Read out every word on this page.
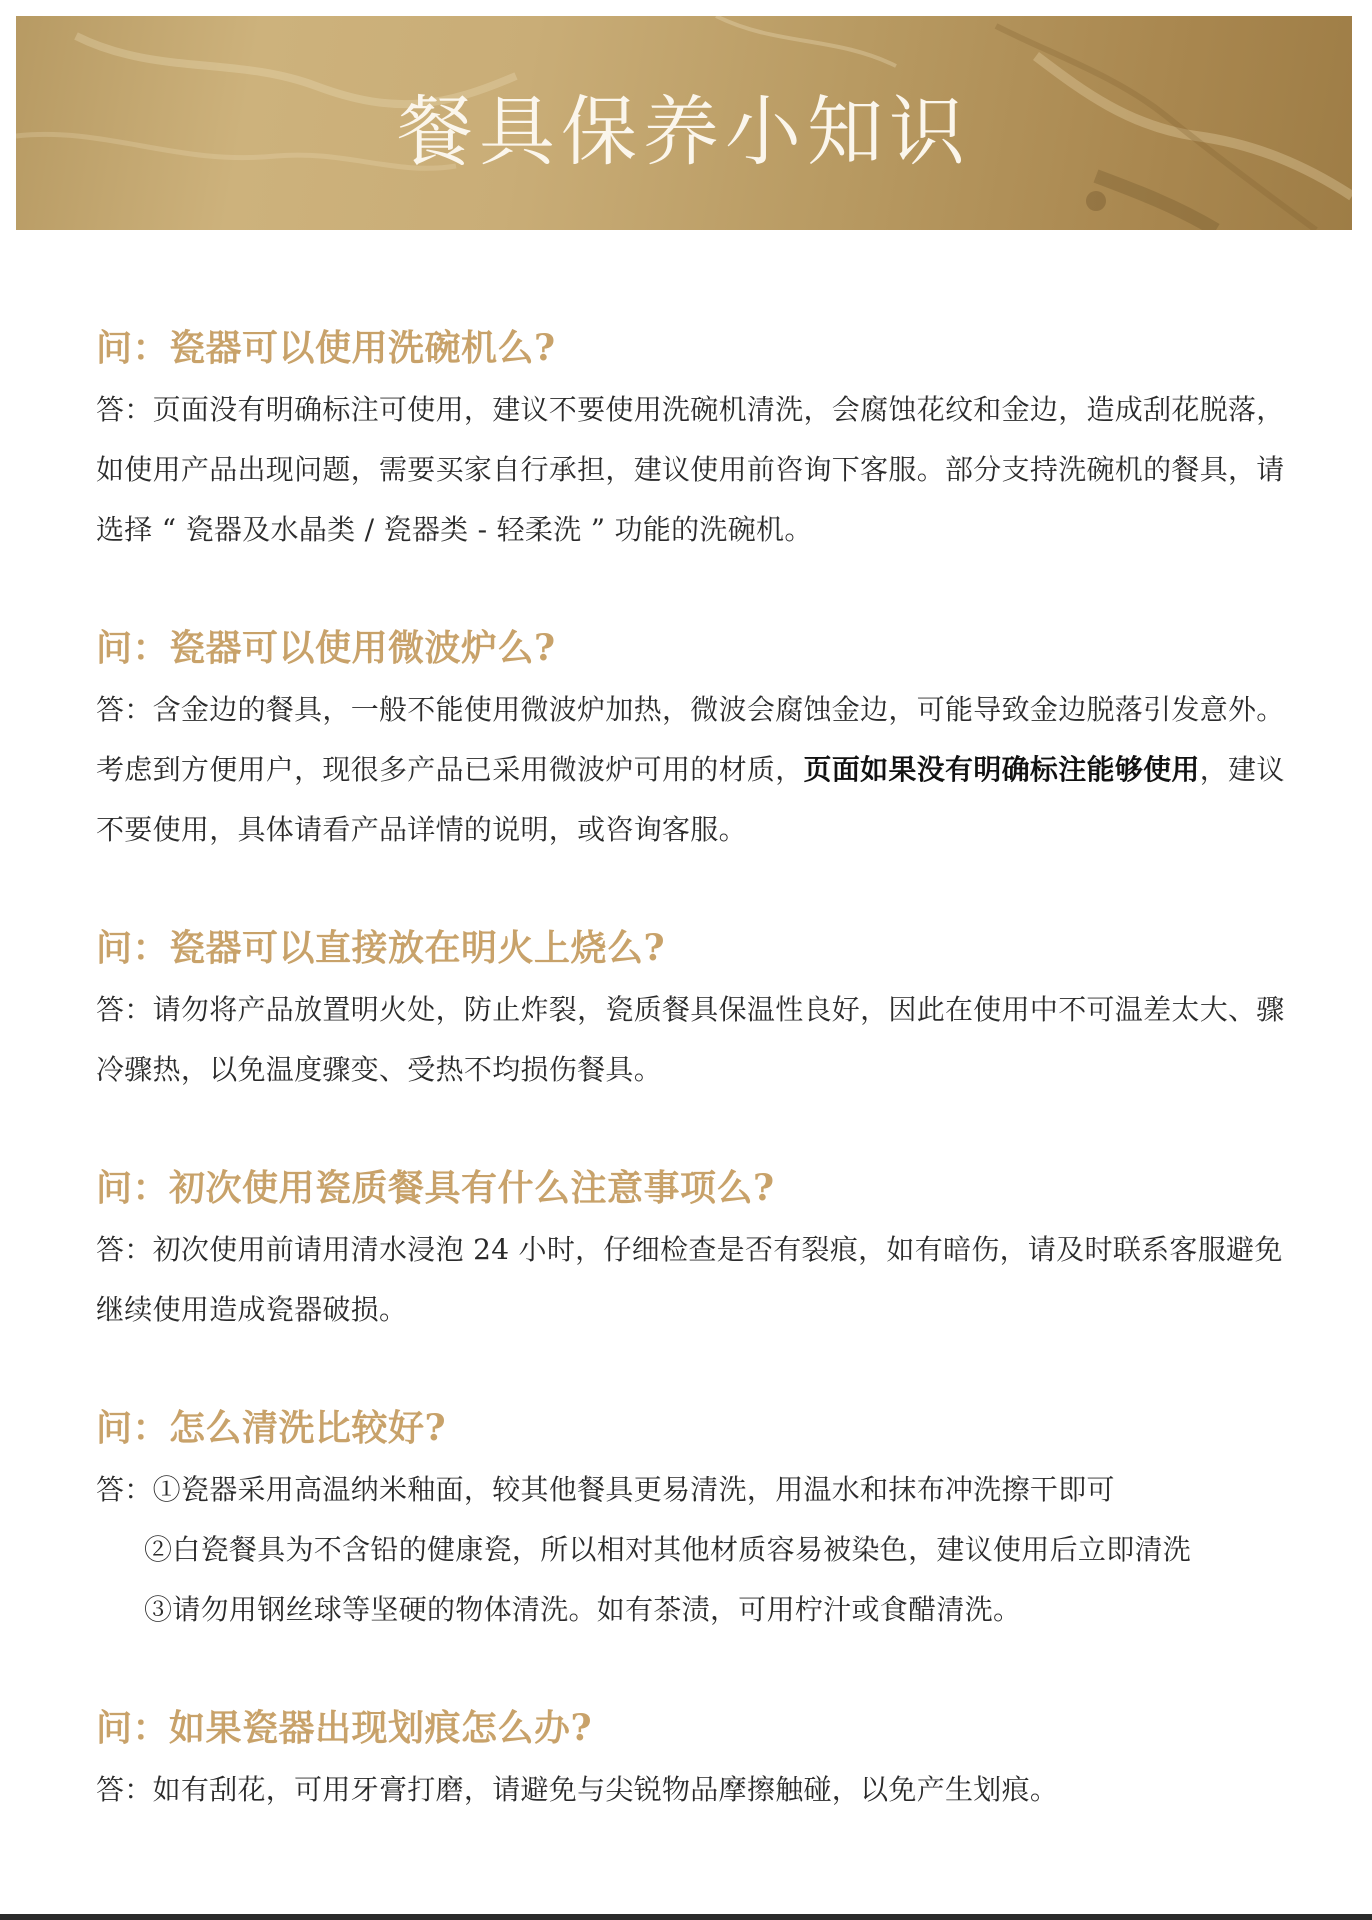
餐具保养小知识

问：瓷器可以使用洗碗机么?

答：页面没有明确标注可使用，建议不要使用洗碗机清洗，会腐蚀花纹和金边，造成刮花脱落，如使用产品出现问题，需要买家自行承担，建议使用前咨询下客服。部分支持洗碗机的餐具，请选择 “ 瓷器及水晶类 / 瓷器类 - 轻柔洗 ” 功能的洗碗机。

问：瓷器可以使用微波炉么?

答：含金边的餐具，一般不能使用微波炉加热，微波会腐蚀金边，可能导致金边脱落引发意外。考虑到方便用户，现很多产品已采用微波炉可用的材质，页面如果没有明确标注能够使用，建议不要使用，具体请看产品详情的说明，或咨询客服。

问：瓷器可以直接放在明火上烧么?

答：请勿将产品放置明火处，防止炸裂，瓷质餐具保温性良好，因此在使用中不可温差太大、骤冷骤热，以免温度骤变、受热不均损伤餐具。

问：初次使用瓷质餐具有什么注意事项么?

答：初次使用前请用清水浸泡 24 小时，仔细检查是否有裂痕，如有暗伤，请及时联系客服避免继续使用造成瓷器破损。

问：怎么清洗比较好?

答：①瓷器采用高温纳米釉面，较其他餐具更易清洗，用温水和抹布冲洗擦干即可
②白瓷餐具为不含铅的健康瓷，所以相对其他材质容易被染色，建议使用后立即清洗
③请勿用钢丝球等坚硬的物体清洗。如有茶渍，可用柠汁或食醋清洗。

问：如果瓷器出现划痕怎么办?

答：如有刮花，可用牙膏打磨，请避免与尖锐物品摩擦触碰，以免产生划痕。
